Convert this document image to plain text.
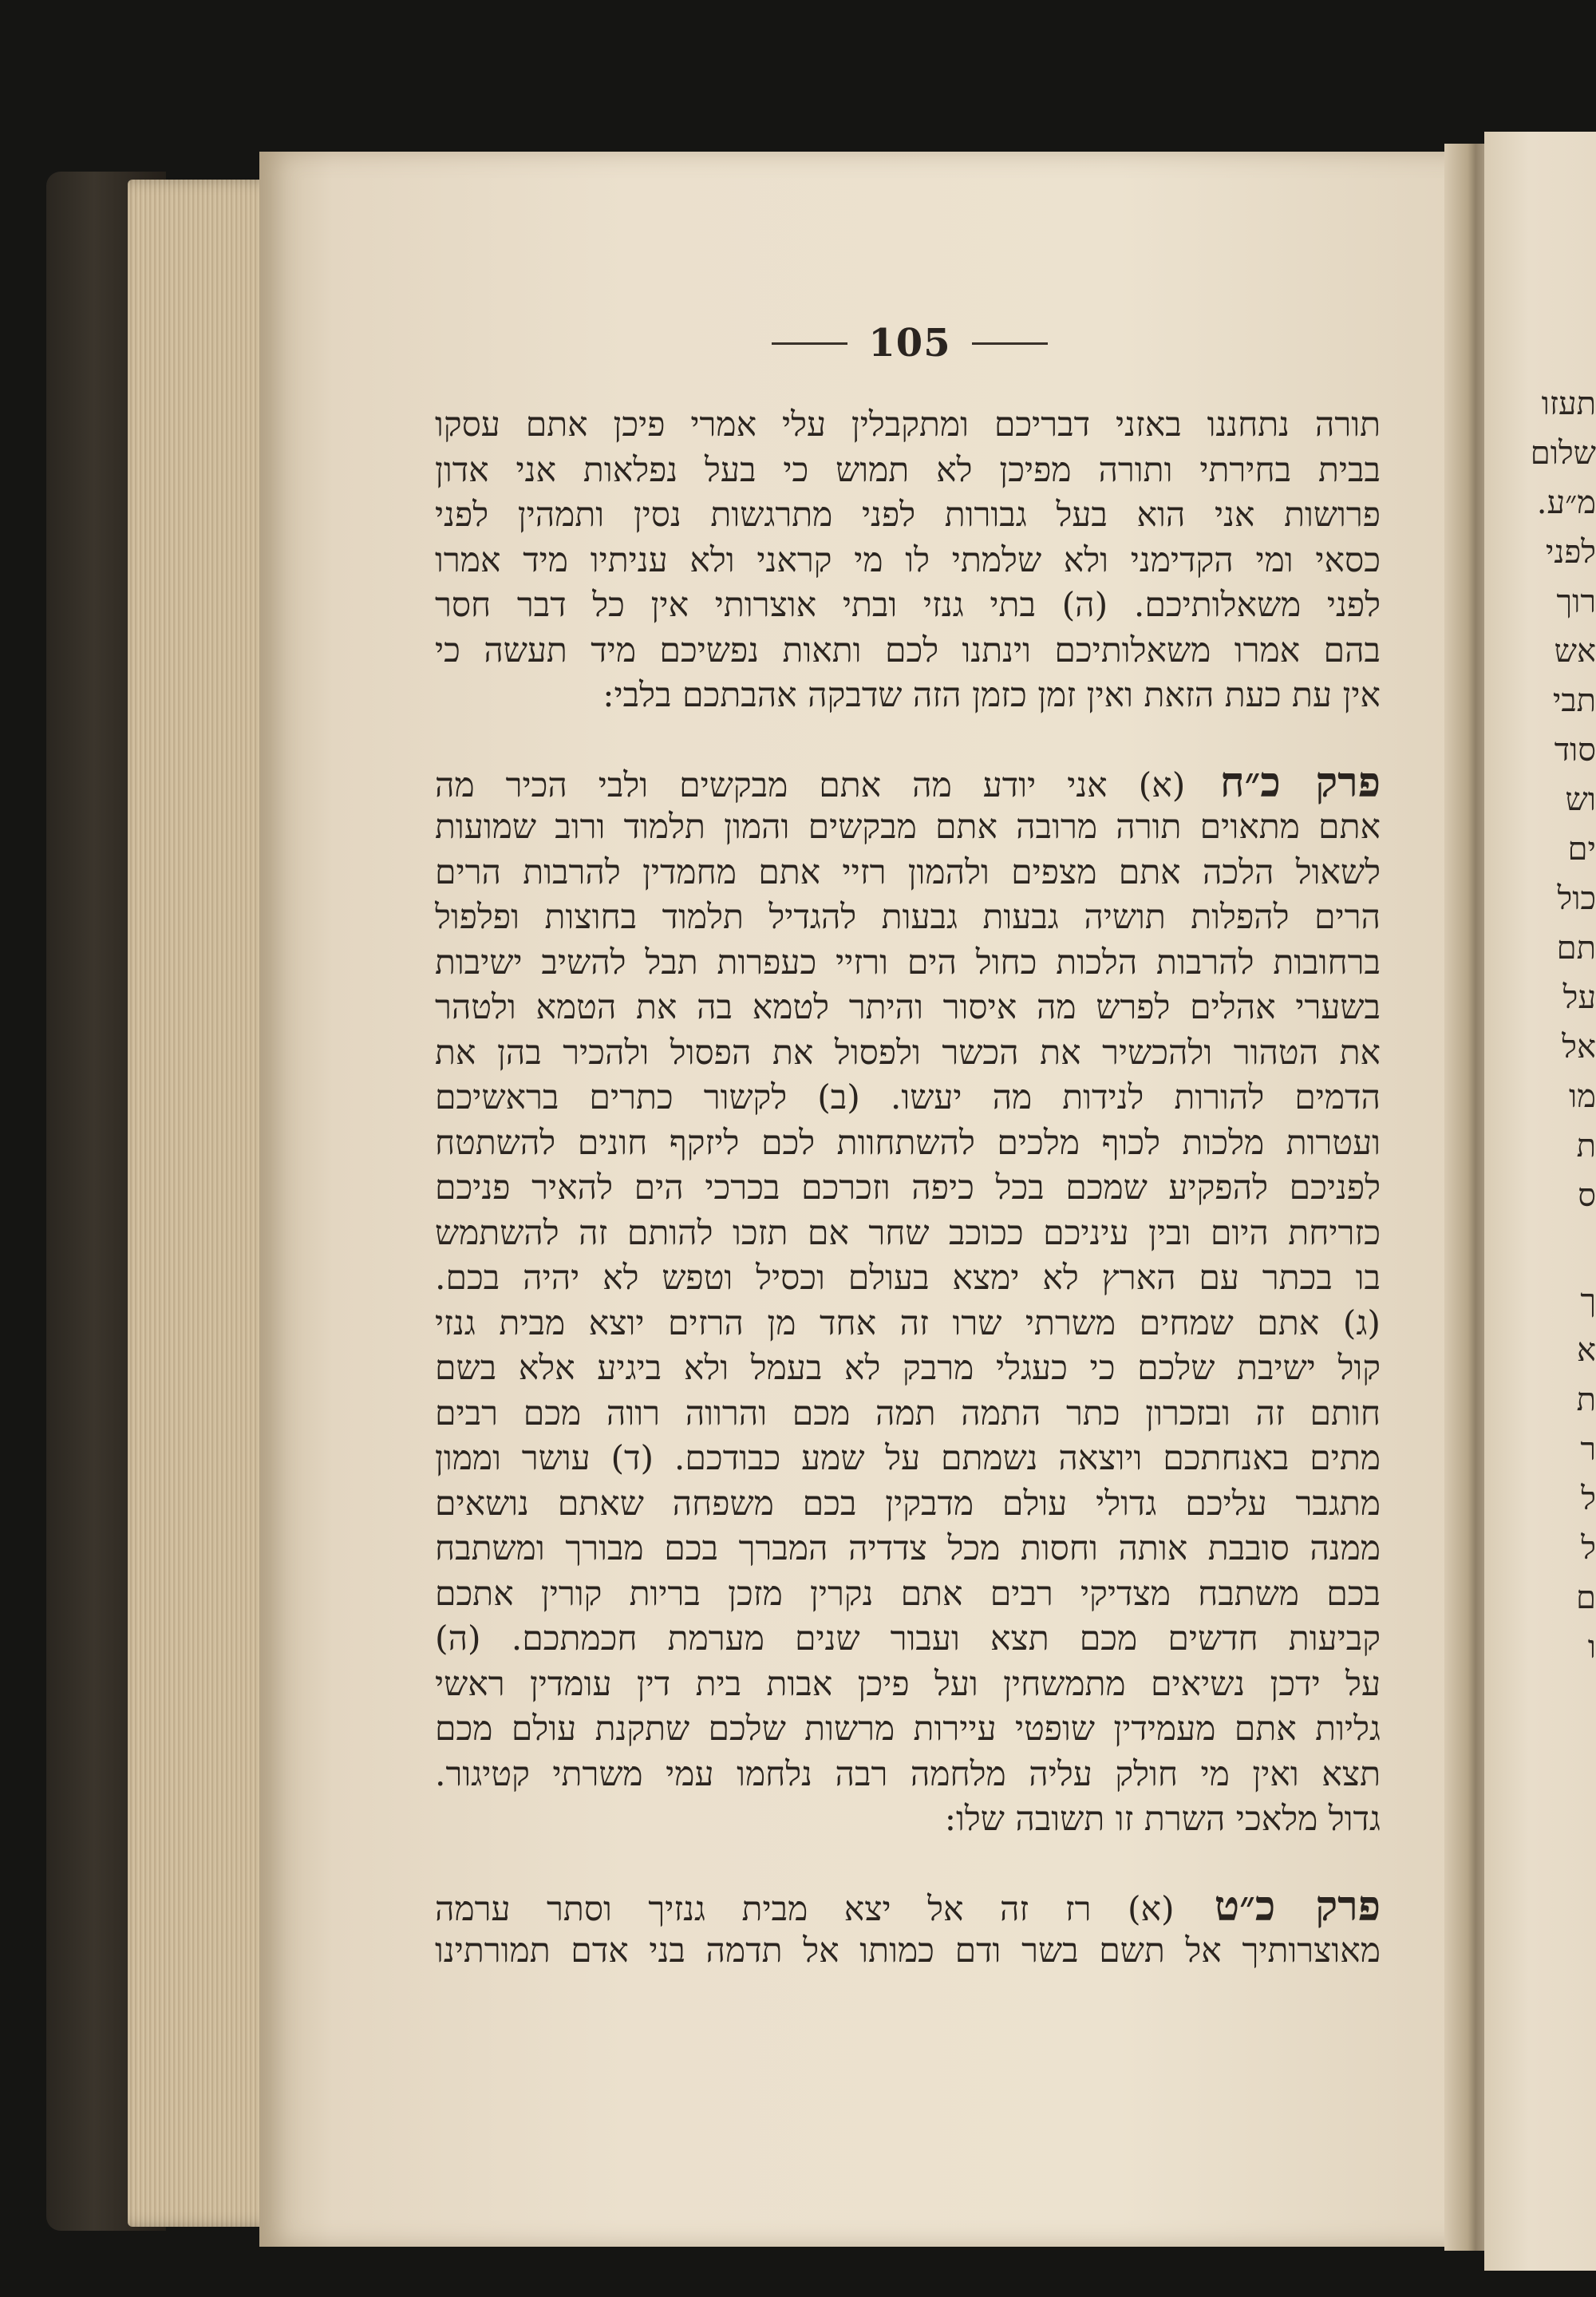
תעזו
שלום
מ״ע.
לפני
רוך
אש
תבי
סוד
וש
ים
כול
תם
על
אל
מו
ת
ס
ך
א
ת
ר
ל
ל
ם
ו
105
תורה נתחננו באזני דבריכם ומתקבלין עלי אמרי פיכן אתם עסקו
בבית בחירתי ותורה מפיכן לא תמוש כי בעל נפלאות אני אדון
פרושות אני הוא בעל גבורות לפני מתרגשות נסין ותמהין לפני
כסאי ומי הקדימני ולא שלמתי לו מי קראני ולא עניתיו מיד אמרו
לפני משאלותיכם. (ה) בתי גנזי ובתי אוצרותי אין כל דבר חסר
בהם אמרו משאלותיכם וינתנו לכם ותאות נפשיכם מיד תעשה כי
אין עת כעת הזאת ואין זמן כזמן הזה שדבקה אהבתכם בלבי:
פרק כ״ח (א) אני יודע מה אתם מבקשים ולבי הכיר מה
אתם מתאוים תורה מרובה אתם מבקשים והמון תלמוד ורוב שמועות
לשאול הלכה אתם מצפים ולהמון רזיי אתם מחמדין להרבות הרים
הרים להפלות תושיה גבעות גבעות להגדיל תלמוד בחוצות ופלפול
ברחובות להרבות הלכות כחול הים ורזיי כעפרות תבל להשיב ישיבות
בשערי אהלים לפרש מה איסור והיתר לטמא בה את הטמא ולטהר
את הטהור ולהכשיר את הכשר ולפסול את הפסול ולהכיר בהן את
הדמים להורות לנידות מה יעשו. (ב) לקשור כתרים בראשיכם
ועטרות מלכות לכוף מלכים להשתחוות לכם ליזקף חונים להשתטח
לפניכם להפקיע שמכם בכל כיפה וזכרכם בכרכי הים להאיר פניכם
כזריחת היום ובין עיניכם ככוכב שחר אם תזכו להותם זה להשתמש
בו בכתר עם הארץ לא ימצא בעולם וכסיל וטפש לא יהיה בכם.
(ג) אתם שמחים משרתי שרו זה אחד מן הרזים יוצא מבית גנזי
קול ישיבת שלכם כי כעגלי מרבק לא בעמל ולא ביגיע אלא בשם
חותם זה ובזכרון כתר התמה תמה מכם והרווה רווה מכם רבים
מתים באנחתכם ויוצאה נשמתם על שמע כבודכם. (ד) עושר וממון
מתגבר עליכם גדולי עולם מדבקין בכם משפחה שאתם נושאים
ממנה סובבת אותה וחסות מכל צדדיה המברך בכם מבורך ומשתבח
בכם משתבח מצדיקי רבים אתם נקרין מזכן בריות קורין אתכם
קביעות חדשים מכם תצא ועבור שנים מערמת חכמתכם. (ה)
על ידכן נשיאים מתמשחין ועל פיכן אבות בית דין עומדין ראשי
גליות אתם מעמידין שופטי עיירות מרשות שלכם שתקנת עולם מכם
תצא ואין מי חולק עליה מלחמה רבה נלחמו עמי משרתי קטיגור.
גדול מלאכי השרת זו תשובה שלו:
פרק כ״ט (א) רז זה אל יצא מבית גנזיך וסתר ערמה
מאוצרותיך אל תשם בשר ודם כמותו אל תדמה בני אדם תמורתינו
